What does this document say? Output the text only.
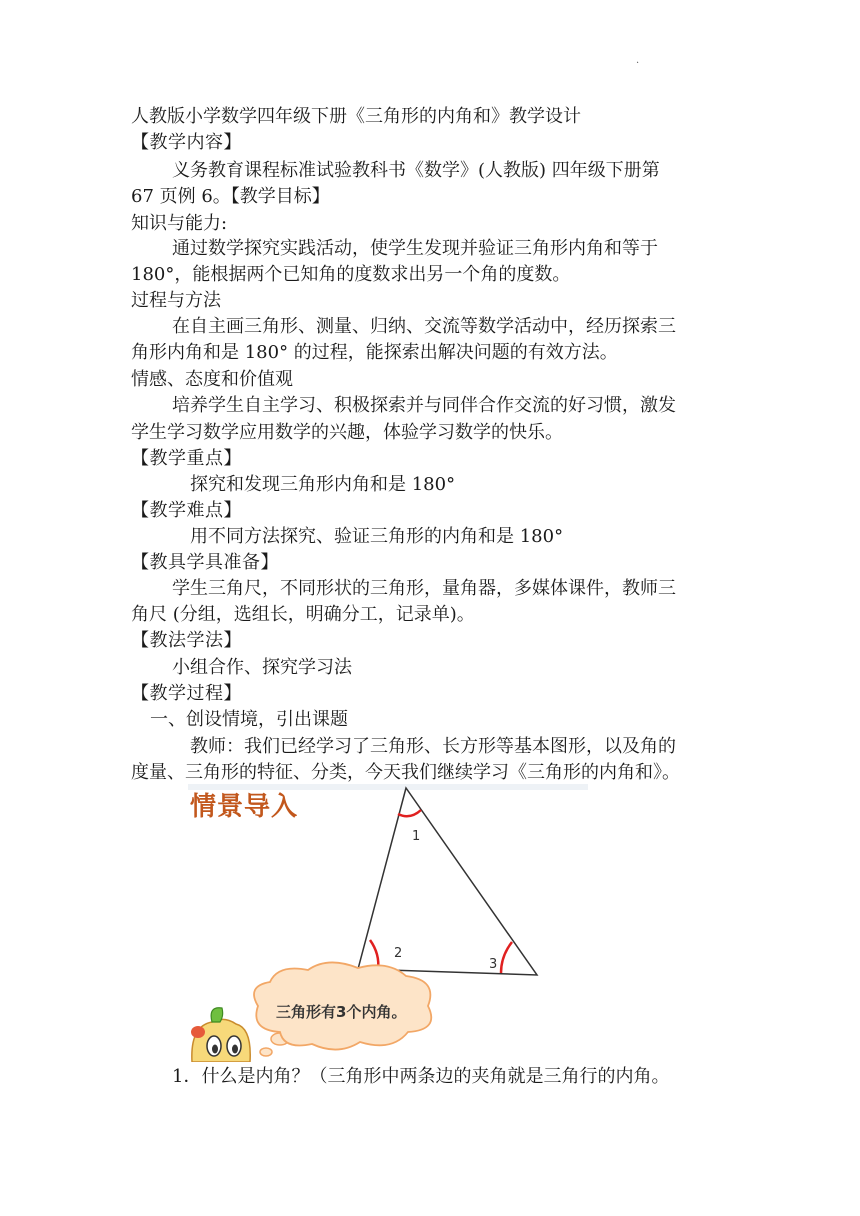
·
人教版小学数学四年级下册《三角形的内角和》教学设计
【教学内容】
义务教育课程标准试验教科书《数学》(人教版) 四年级下册第
67 页例 6。【教学目标】
知识与能力:
通过数学探究实践活动，使学生发现并验证三角形内角和等于
180°，能根据两个已知角的度数求出另一个角的度数。
过程与方法
在自主画三角形、测量、归纳、交流等数学活动中，经历探索三
角形内角和是 180° 的过程，能探索出解决问题的有效方法。
情感、态度和价值观
培养学生自主学习、积极探索并与同伴合作交流的好习惯，激发
学生学习数学应用数学的兴趣，体验学习数学的快乐。
【教学重点】
探究和发现三角形内角和是 180°
【教学难点】
用不同方法探究、验证三角形的内角和是 180°
【教具学具准备】
学生三角尺，不同形状的三角形，量角器，多媒体课件，教师三
角尺 (分组，选组长，明确分工，记录单)。
【教法学法】
小组合作、探究学习法
【教学过程】
一、创设情境，引出课题
教师：我们已经学习了三角形、长方形等基本图形，以及角的
度量、三角形的特征、分类，今天我们继续学习《三角形的内角和》。
情景导入
1
2
3
三角形有3个内角。
1．什么是内角？（三角形中两条边的夹角就是三角行的内角。
